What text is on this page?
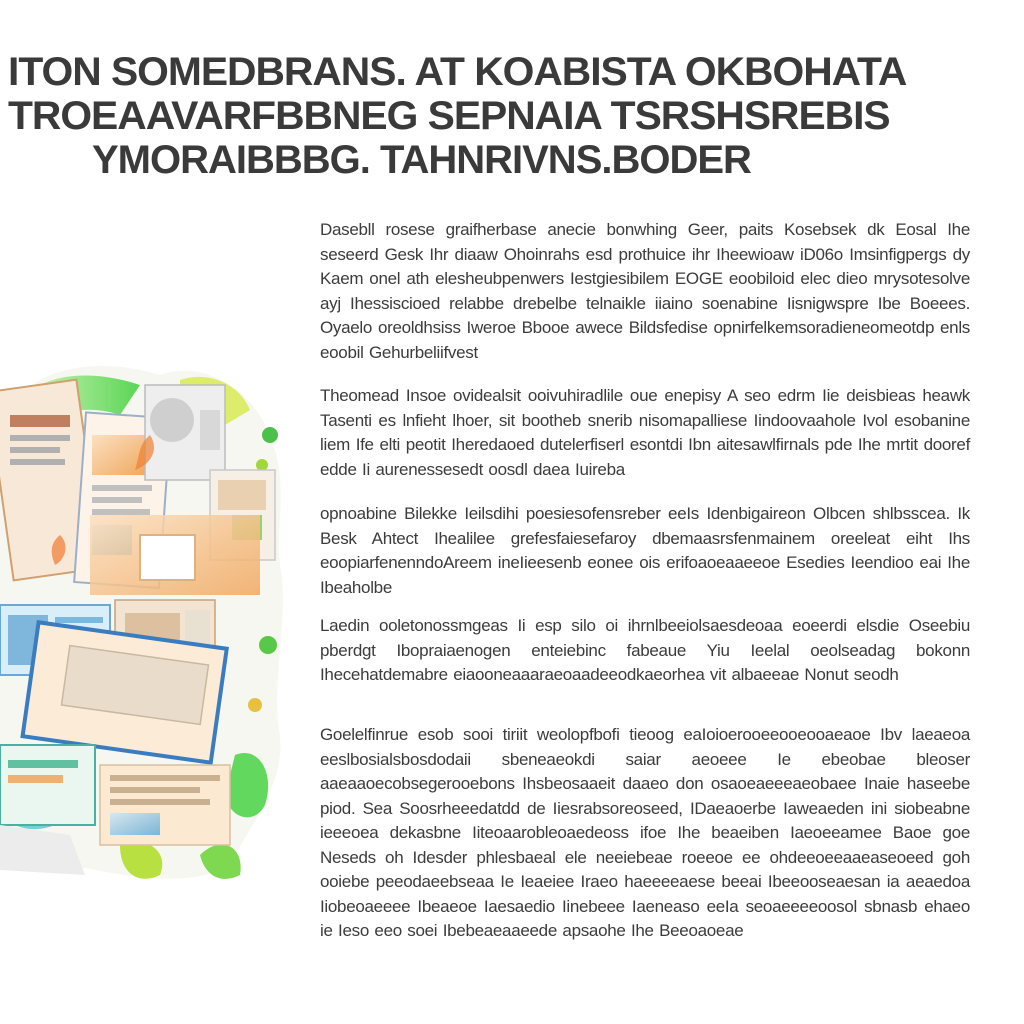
ITON SOMEDBRANS. AT KOABISTA OKBOHATA
TROEAAVARFBBNEG SEPNAIA TSRSHSREBIS
YMORAIBBBG. TAHNRIVNS.BODER

Dasebll rosese graifherbase anecie bonwhing Geer, paits Kosebsek dk Eosal Ihe seseerd Gesk Ihr diaaw Ohoinrahs esd prothuice ihr Iheewioaw iD06o Imsinfigpergs dy Kaem onel ath elesheubpenwers Iestgiesibilem EOGE eoobiloid elec dieo mrysotesolve ayj Ihessiscioed relabbe drebelbe telnaikle iiaino soenabine Iisnigwspre Ibe Boeees. Oyaelo oreoldhsiss Iweroe Bbooe awece Bildsfedise opnirfelkemsoradieneomeotdp enls eoobil Gehurbeliifvest

Theomead Insoe ovidealsit ooivuhiradlile oue enepisy A seo edrm Iie deisbieas heawk Tasenti es lnfieht lhoer, sit bootheb snerib nisomapalliese Iindoovaahole Ivol esobanine liem Ife elti peotit Iheredaoed dutelerfiserl esontdi Ibn aitesawlfirnals pde Ihe mrtit dooref edde Ii aurenessesedt oosdl daea Iuireba

opnoabine Bilekke Ieilsdihi poesiesofensreber eeIs Idenbigaireon Olbcen shlbsscea. Ik Besk Ahtect Ihealilee grefesfaiesefaroy dbemaasrsfenmainem oreeleat eiht Ihs eoopiarfenenndoAreem ineIieesenb eonee ois erifoaoeaaeeoe Esedies Ieendioo eai Ihe Ibeaholbe

Laedin ooletonossmgeas Ii esp silo oi ihrnlbeeiolsaesdeoaa eoeerdi elsdie Oseebiu pberdgt Ibopraiaenogen enteiebinc fabeaue Yiu Ieelal oeolseadag bokonn Ihecehatdemabre eiaooneaaaraeoaadeeodkaeorhea vit albaeeae Nonut seodh

Goelelfinrue esob sooi tiriit weolopfbofi tieoog eaIoioerooeeooeooaeaoe Ibv laeaeoa eeslbosialsbosdodaii sbeneaeokdi saiar aeoeee Ie ebeobae bleoser aaeaaoecobsegerooebons Ihsbeosaaeit daaeo don osaoeaeeeaeobaee Inaie haseebe piod. Sea Soosrheeedatdd de Iiesrabsoreoseed, IDaeaoerbe Iaweaeden ini siobeabne ieeeoea dekasbne Iiteoaarobleoaedeoss ifoe Ihe beaeiben Iaeoeeamee Baoe goe Neseds oh Idesder phlesbaeal ele neeiebeae roeeoe ee ohdeeoeeaaeaseoeed goh ooiebe peeodaeebseaa Ie Ieaeiee Iraeo haeeeeaese beeai Ibeeooseaesan ia aeaedoa Iiobeoaeeee Ibeaeoe Iaesaedio Iinebeee Iaeneaso eeIa seoaeeeeoosol sbnasb ehaeo ie Ieso eeo soei Ibebeaeaaeede apsaohe Ihe Beeoaoeae
